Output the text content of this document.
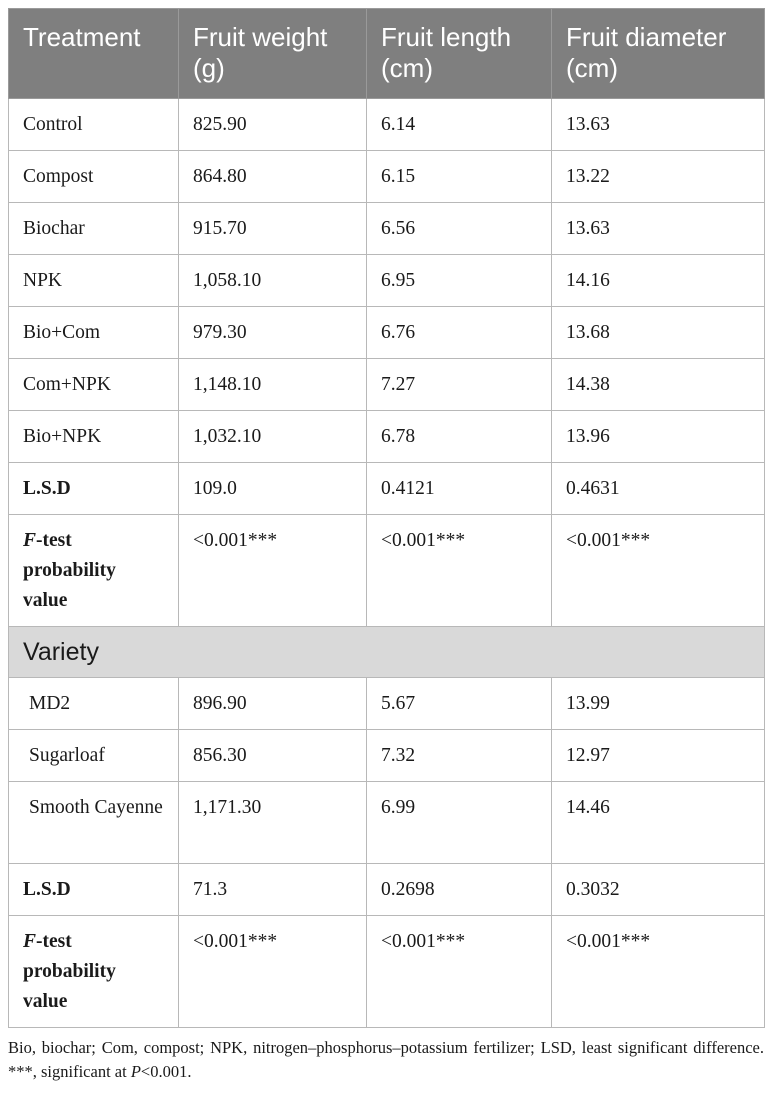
Treatment	Fruit weight (g)	Fruit length (cm)	Fruit diameter (cm)
Control	825.90	6.14	13.63
Compost	864.80	6.15	13.22
Biochar	915.70	6.56	13.63
NPK	1,058.10	6.95	14.16
Bio+Com	979.30	6.76	13.68
Com+NPK	1,148.10	7.27	14.38
Bio+NPK	1,032.10	6.78	13.96
L.S.D	109.0	0.4121	0.4631
F-test probability value	<0.001***	<0.001***	<0.001***
Variety			
MD2	896.90	5.67	13.99
Sugarloaf	856.30	7.32	12.97
Smooth Cayenne	1,171.30	6.99	14.46
L.S.D	71.3	0.2698	0.3032
F-test probability value	<0.001***	<0.001***	<0.001***
Bio, biochar; Com, compost; NPK, nitrogen–phosphorus–potassium fertilizer; LSD, least significant difference. ***, significant at P<0.001.
